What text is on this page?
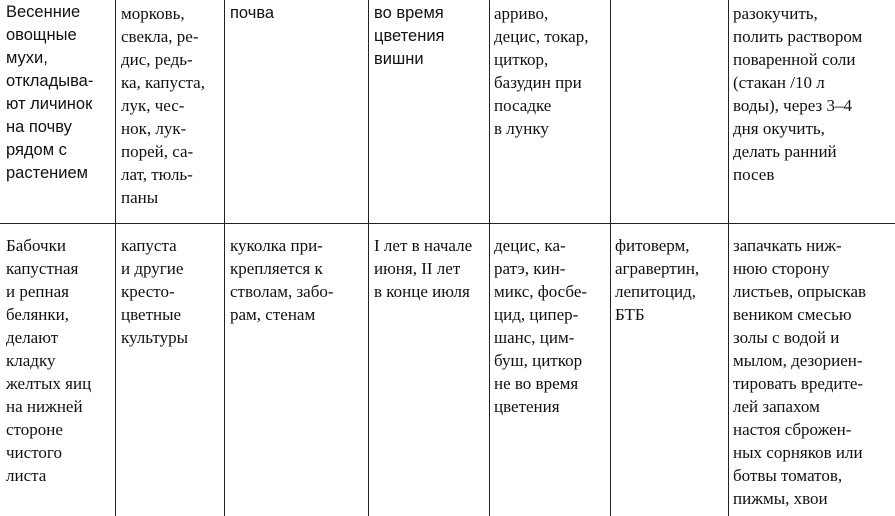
Весенние
овощные
мухи,
откладыва-
ют личинок
на почву
рядом с
растением
морковь,
свекла, ре-
дис, редь-
ка, капуста,
лук, чес-
нок, лук-
порей, са-
лат, тюль-
паны
почва	во время
цветения
вишни
арриво,
децис, токар,
циткор,
базудин при
посадке
в лунку
разокучить,
полить раствором
поваренной соли
(стакан /10 л
воды), через 3–4
дня окучить,
делать ранний
посев
Бабочки
капустная
и репная
белянки,
делают
кладку
желтых яиц
на нижней
стороне
чистого
листа
капуста
и другие
кресто-
цветные
культуры
куколка при-
крепляется к
стволам, забо-
рам, стенам
I лет в начале
июня, II лет
в конце июля
децис, ка-
ратэ, кин-
микс, фосбе-
цид, ципер-
шанс, цим-
буш, циткор
не во время
цветения
фитоверм,
агравертин,
лепитоцид,
БТБ
запачкать ниж-
нюю сторону
листьев, опрыскав
веником смесью
золы с водой и
мылом, дезориен-
тировать вредите-
лей запахом
настоя сброжен-
ных сорняков или
ботвы томатов,
пижмы, хвои
